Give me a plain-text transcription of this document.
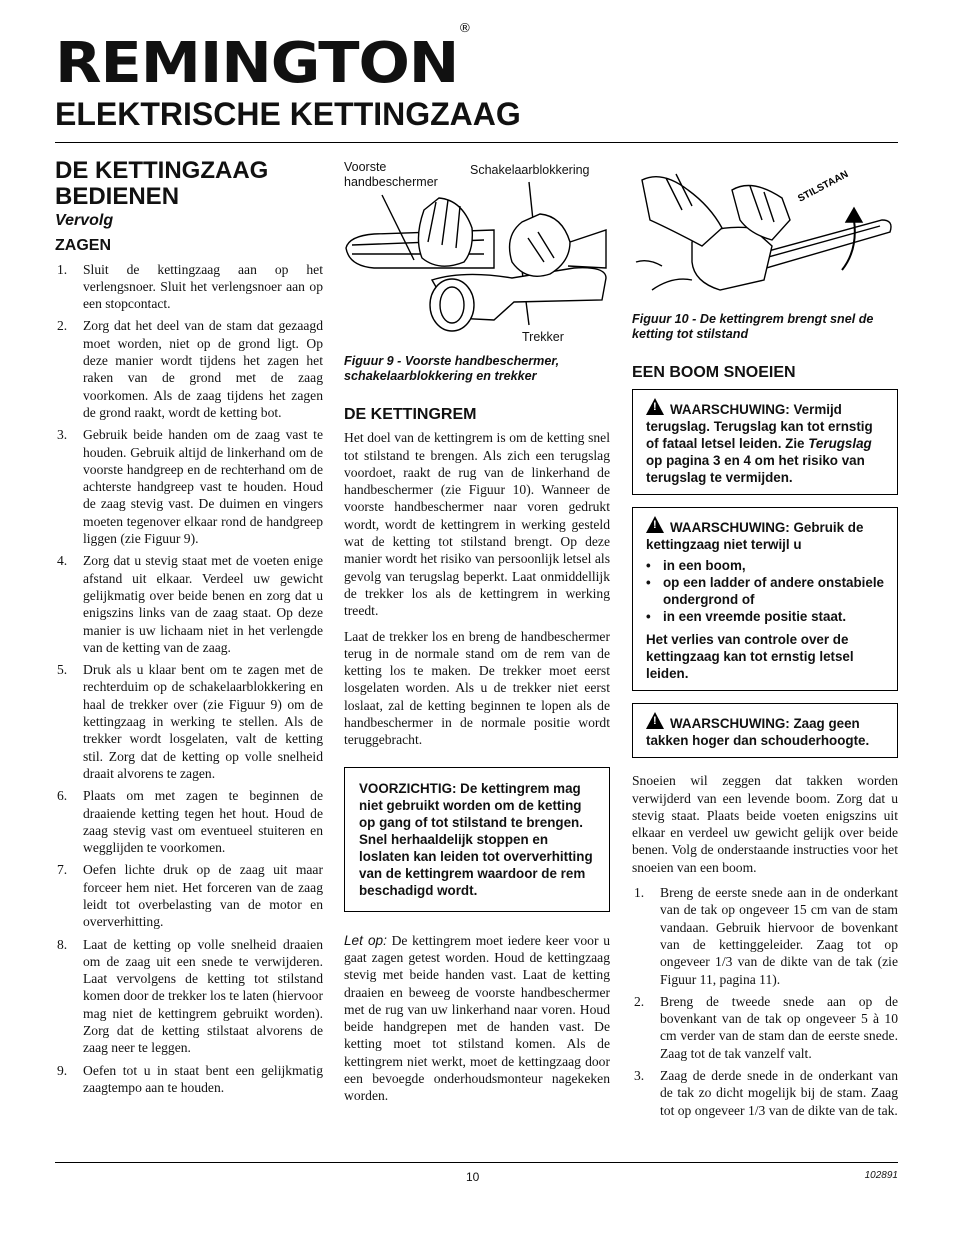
REMINGTON®
ELEKTRISCHE KETTINGZAAG
DE KETTINGZAAG
BEDIENEN
Vervolg
ZAGEN
1. Sluit de kettingzaag aan op het verlengsnoer. Sluit het verlengsnoer aan op een stopcontact.
2. Zorg dat het deel van de stam dat gezaagd moet worden, niet op de grond ligt. Op deze manier wordt tijdens het zagen het raken van de grond met de zaag voorkomen. Als de zaag tijdens het zagen de grond raakt, wordt de ketting bot.
3. Gebruik beide handen om de zaag vast te houden. Gebruik altijd de linkerhand om de voorste handgreep en de rechterhand om de achterste handgreep vast te houden. Houd de zaag stevig vast. De duimen en vingers moeten tegenover elkaar rond de handgreep liggen (zie Figuur 9).
4. Zorg dat u stevig staat met de voeten enige afstand uit elkaar. Verdeel uw gewicht gelijkmatig over beide benen en zorg dat u enigszins links van de zaag staat. Op deze manier is uw lichaam niet in het verlengde van de ketting van de zaag.
5. Druk als u klaar bent om te zagen met de rechterduim op de schakelaarblokkering en haal de trekker over (zie Figuur 9) om de kettingzaag in werking te stellen. Als de trekker wordt losgelaten, valt de ketting stil. Zorg dat de ketting op volle snelheid draait alvorens te zagen.
6. Plaats om met zagen te beginnen de draaiende ketting tegen het hout. Houd de zaag stevig vast om eventueel stuiteren en wegglijden te voorkomen.
7. Oefen lichte druk op de zaag uit maar forceer hem niet. Het forceren van de zaag leidt tot overbelasting van de motor en oververhitting.
8. Laat de ketting op volle snelheid draaien om de zaag uit een snede te verwijderen. Laat vervolgens de ketting tot stilstand komen door de trekker los te laten (hiervoor mag niet de kettingrem gebruikt worden). Zorg dat de ketting stilstaat alvorens de zaag neer te leggen.
9. Oefen tot u in staat bent een gelijkmatig zaagtempo aan te houden.
Voorste
handbeschermer
Schakelaarblokkering
Trekker
Figuur 9 - Voorste handbeschermer, schakelaarblokkering en trekker
DE KETTINGREM

Het doel van de kettingrem is om de ketting snel tot stilstand te brengen. Als zich een terugslag voordoet, raakt de rug van de linkerhand de handbeschermer (zie Figuur 10). Wanneer de voorste handbeschermer naar voren gedrukt wordt, wordt de kettingrem in werking gesteld wat de ketting tot stilstand brengt. Op deze manier wordt het risiko van persoonlijk letsel als gevolg van terugslag beperkt. Laat onmiddellijk de trekker los als de kettingrem in werking treedt.

Laat de trekker los en breng de handbeschermer terug in de normale stand om de rem van de ketting los te maken. De trekker moet eerst losgelaten worden. Als u de trekker niet eerst loslaat, zal de ketting beginnen te lopen als de handbeschermer in de normale positie wordt teruggebracht.

VOORZICHTIG: De kettingrem mag niet gebruikt worden om de ketting op gang of tot stilstand te brengen. Snel herhaaldelijk stoppen en loslaten kan leiden tot oververhitting van de kettingrem waardoor de rem beschadigd wordt.

Let op: De kettingrem moet iedere keer voor u gaat zagen getest worden. Houd de kettingzaag stevig met beide handen vast. Laat de ketting draaien en beweeg de voorste handbeschermer met de rug van uw linkerhand naar voren. Houd beide handgrepen met de handen vast. De ketting moet tot stilstand komen. Als de kettingrem niet werkt, moet de kettingzaag door een bevoegde onderhoudsmonteur nagekeken worden.

STILSTAAN
Figuur 10 - De kettingrem brengt snel de ketting tot stilstand
EEN BOOM SNOEIEN
! WAARSCHUWING: Vermijd terugslag. Terugslag kan tot ernstig of fataal letsel leiden. Zie Terugslag op pagina 3 en 4 om het risiko van terugslag te vermijden.
! WAARSCHUWING: Gebruik de kettingzaag niet terwijl u
• in een boom,
• op een ladder of andere onstabiele ondergrond of
• in een vreemde positie staat.
Het verlies van controle over de kettingzaag kan tot ernstig letsel leiden.
! WAARSCHUWING: Zaag geen takken hoger dan schouderhoogte.

Snoeien wil zeggen dat takken worden verwijderd van een levende boom. Zorg dat u stevig staat. Plaats beide voeten enigszins uit elkaar en verdeel uw gewicht gelijk over beide benen. Volg de onderstaande instructies voor het snoeien van een boom.

1. Breng de eerste snede aan in de onderkant van de tak op ongeveer 15 cm van de stam vandaan. Gebruik hiervoor de bovenkant van de kettinggeleider. Zaag tot op ongeveer 1/3 van de dikte van de tak (zie Figuur 11, pagina 11).
2. Breng de tweede snede aan op de bovenkant van de tak op ongeveer 5 à 10 cm verder van de stam dan de eerste snede. Zaag tot de tak vanzelf valt.
3. Zaag de derde snede in de onderkant van de tak zo dicht mogelijk bij de stam. Zaag tot op ongeveer 1/3 van de dikte van de tak.
10	102891
